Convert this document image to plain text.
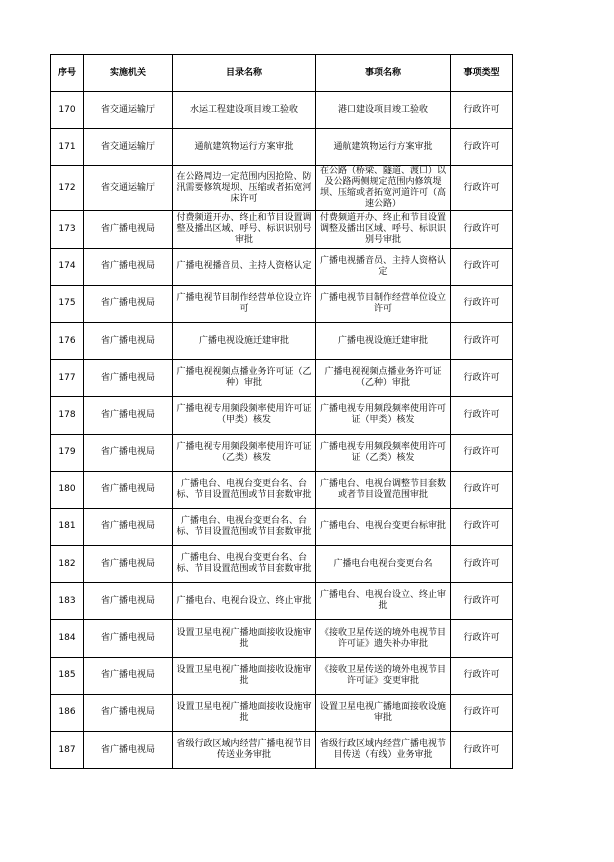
序号	实施机关	目录名称	事项名称	事项类型
170	省交通运输厅	水运工程建设项目竣工验收	港口建设项目竣工验收	行政许可
171	省交通运输厅	通航建筑物运行方案审批	通航建筑物运行方案审批	行政许可
172	省交通运输厅	在公路周边一定范围内因抢险、防汛需要修筑堤坝、压缩或者拓宽河床许可	在公路（桥梁、隧道、渡口）以及公路两侧规定范围内修筑堤坝、压缩或者拓宽河道许可（高速公路）	行政许可
173	省广播电视局	付费频道开办、终止和节目设置调整及播出区域、呼号、标识识别号审批	付费频道开办、终止和节目设置调整及播出区域、呼号、标识识别号审批	行政许可
174	省广播电视局	广播电视播音员、主持人资格认定	广播电视播音员、主持人资格认定	行政许可
175	省广播电视局	广播电视节目制作经营单位设立许可	广播电视节目制作经营单位设立许可	行政许可
176	省广播电视局	广播电视设施迁建审批	广播电视设施迁建审批	行政许可
177	省广播电视局	广播电视视频点播业务许可证（乙种）审批	广播电视视频点播业务许可证（乙种）审批	行政许可
178	省广播电视局	广播电视专用频段频率使用许可证（甲类）核发	广播电视专用频段频率使用许可证（甲类）核发	行政许可
179	省广播电视局	广播电视专用频段频率使用许可证（乙类）核发	广播电视专用频段频率使用许可证（乙类）核发	行政许可
180	省广播电视局	广播电台、电视台变更台名、台标、节目设置范围或节目套数审批	广播电台、电视台调整节目套数或者节目设置范围审批	行政许可
181	省广播电视局	广播电台、电视台变更台名、台标、节目设置范围或节目套数审批	广播电台、电视台变更台标审批	行政许可
182	省广播电视局	广播电台、电视台变更台名、台标、节目设置范围或节目套数审批	广播电台电视台变更台名	行政许可
183	省广播电视局	广播电台、电视台设立、终止审批	广播电台、电视台设立、终止审批	行政许可
184	省广播电视局	设置卫星电视广播地面接收设施审批	《接收卫星传送的境外电视节目许可证》遗失补办审批	行政许可
185	省广播电视局	设置卫星电视广播地面接收设施审批	《接收卫星传送的境外电视节目许可证》变更审批	行政许可
186	省广播电视局	设置卫星电视广播地面接收设施审批	设置卫星电视广播地面接收设施审批	行政许可
187	省广播电视局	省级行政区域内经营广播电视节目传送业务审批	省级行政区域内经营广播电视节目传送（有线）业务审批	行政许可
